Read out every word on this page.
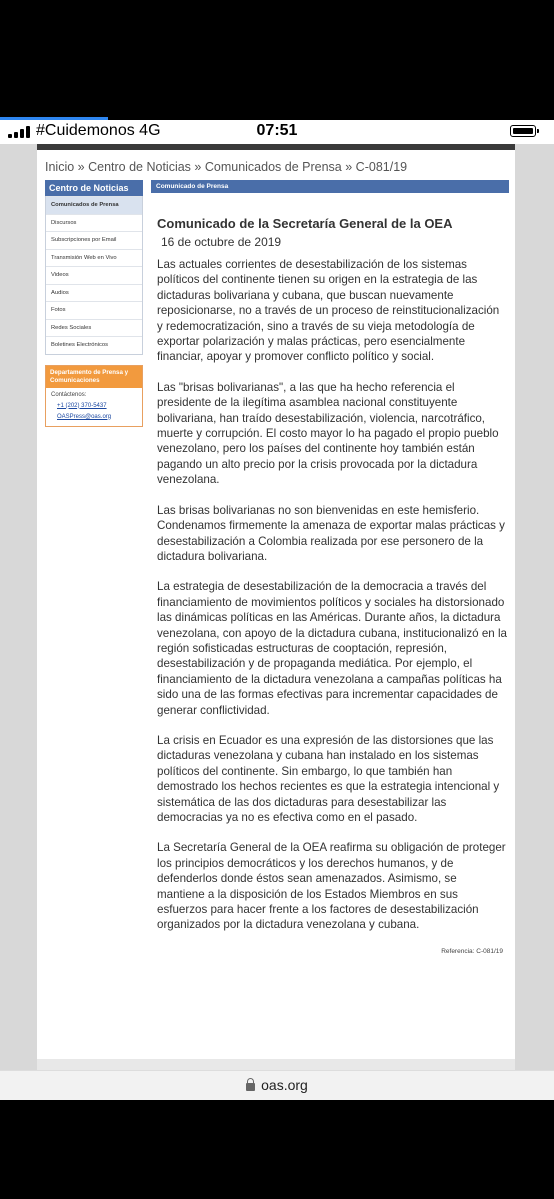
#Cuidemonos 4G	07:51
Inicio » Centro de Noticias » Comunicados de Prensa » C-081/19
Centro de Noticias
Comunicados de Prensa
Discursos
Subscripciones por Email
Transmisión Web en Vivo
Videos
Audios
Fotos
Redes Sociales
Boletines Electrónicos
Departamento de Prensa y Comunicaciones
Contáctenos:
+1 (202) 370-5437
OASPress@oas.org
Comunicado de Prensa
Comunicado de la Secretaría General de la OEA
16 de octubre de 2019

Las actuales corrientes de desestabilización de los sistemas políticos del continente tienen su origen en la estrategia de las dictaduras bolivariana y cubana, que buscan nuevamente reposicionarse, no a través de un proceso de reinstitucionalización y redemocratización, sino a través de su vieja metodología de exportar polarización y malas prácticas, pero esencialmente financiar, apoyar y promover conflicto político y social.

Las "brisas bolivarianas", a las que ha hecho referencia el presidente de la ilegítima asamblea nacional constituyente bolivariana, han traído desestabilización, violencia, narcotráfico, muerte y corrupción. El costo mayor lo ha pagado el propio pueblo venezolano, pero los países del continente hoy también están pagando un alto precio por la crisis provocada por la dictadura venezolana.

Las brisas bolivarianas no son bienvenidas en este hemisferio. Condenamos firmemente la amenaza de exportar malas prácticas y desestabilización a Colombia realizada por ese personero de la dictadura bolivariana.

La estrategia de desestabilización de la democracia a través del financiamiento de movimientos políticos y sociales ha distorsionado las dinámicas políticas en las Américas. Durante años, la dictadura venezolana, con apoyo de la dictadura cubana, institucionalizó en la región sofisticadas estructuras de cooptación, represión, desestabilización y de propaganda mediática. Por ejemplo, el financiamiento de la dictadura venezolana a campañas políticas ha sido una de las formas efectivas para incrementar capacidades de generar conflictividad.

La crisis en Ecuador es una expresión de las distorsiones que las dictaduras venezolana y cubana han instalado en los sistemas políticos del continente. Sin embargo, lo que también han demostrado los hechos recientes es que la estrategia intencional y sistemática de las dos dictaduras para desestabilizar las democracias ya no es efectiva como en el pasado.

La Secretaría General de la OEA reafirma su obligación de proteger los principios democráticos y los derechos humanos, y de defenderlos donde éstos sean amenazados. Asimismo, se mantiene a la disposición de los Estados Miembros en sus esfuerzos para hacer frente a los factores de desestabilización organizados por la dictadura venezolana y cubana.

Referencia: C-081/19
oas.org
